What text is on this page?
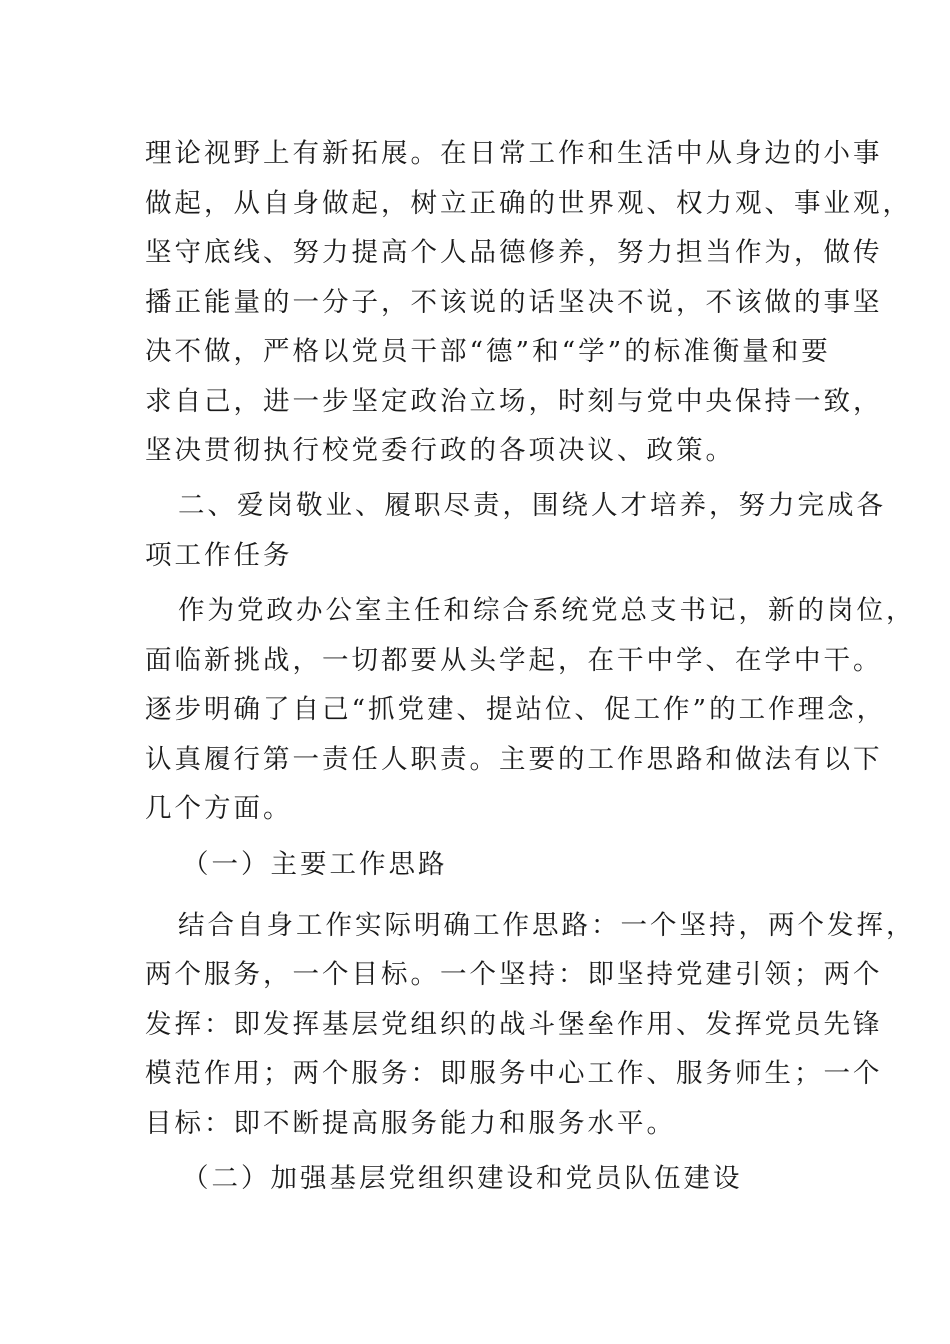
理论视野上有新拓展。在日常工作和生活中从身边的小事
做起，从自身做起，树立正确的世界观、权力观、事业观，
坚守底线、努力提高个人品德修养，努力担当作为，做传
播正能量的一分子，不该说的话坚决不说，不该做的事坚
决不做，严格以党员干部“德”和“学”的标准衡量和要
求自己，进一步坚定政治立场，时刻与党中央保持一致，
坚决贯彻执行校党委行政的各项决议、政策。
二、爱岗敬业、履职尽责，围绕人才培养，努力完成各
项工作任务
作为党政办公室主任和综合系统党总支书记，新的岗位，
面临新挑战，一切都要从头学起，在干中学、在学中干。
逐步明确了自己“抓党建、提站位、促工作”的工作理念，
认真履行第一责任人职责。主要的工作思路和做法有以下
几个方面。
（一）主要工作思路
结合自身工作实际明确工作思路：一个坚持，两个发挥，
两个服务，一个目标。一个坚持：即坚持党建引领；两个
发挥：即发挥基层党组织的战斗堡垒作用、发挥党员先锋
模范作用；两个服务：即服务中心工作、服务师生；一个
目标：即不断提高服务能力和服务水平。
（二）加强基层党组织建设和党员队伍建设
